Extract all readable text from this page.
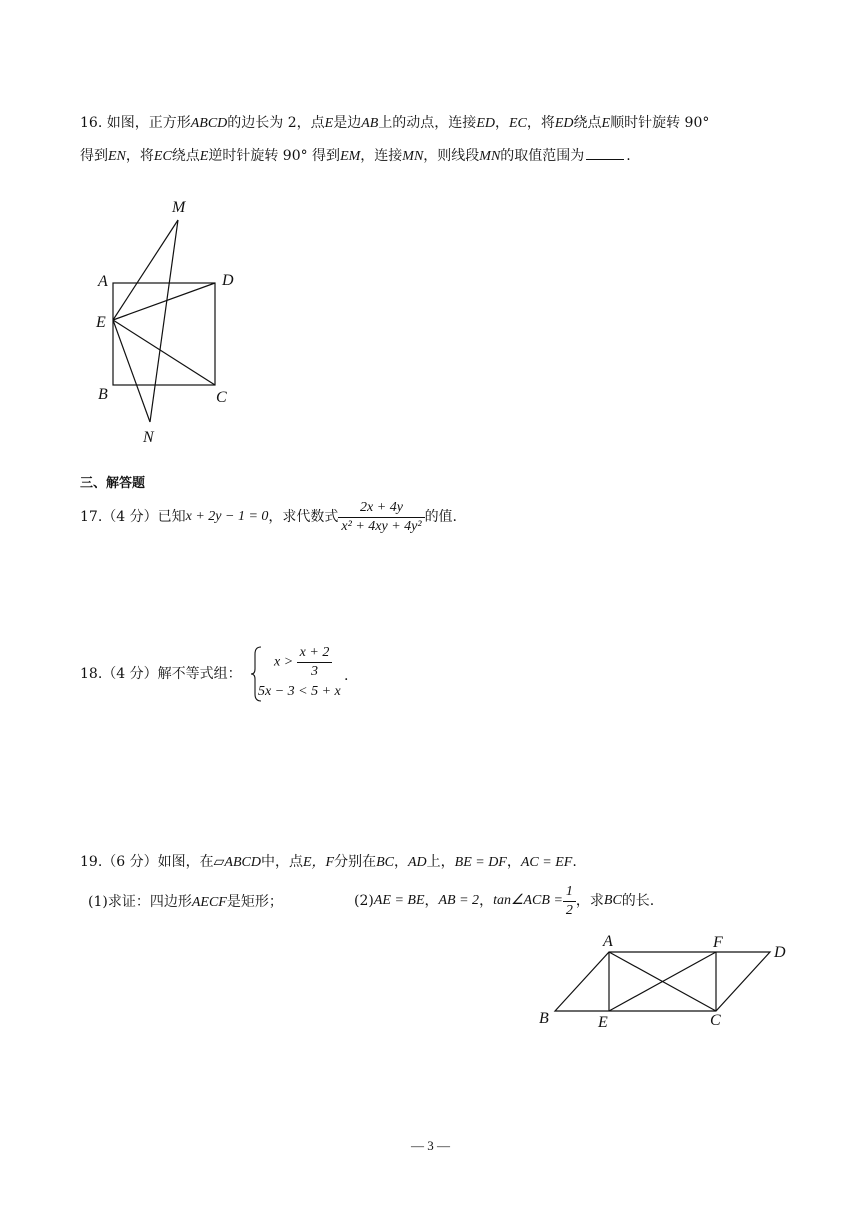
16. 如图，正方形ABCD的边长为 2，点E是边AB上的动点，连接ED，EC，将ED绕点E顺时针旋转 90°
得到EN，将EC绕点E逆时针旋转 90° 得到EM，连接MN，则线段MN的取值范围为	.
M
A	D
E
B	C
N
三、解答题
17.（4 分）已知x + 2y − 1 = 0，求代数式 $\frac{2x + 4y}{\text{x² + 4xy + 4y²}}$ 的值.
18.（4 分）解不等式组：
$x > \frac{x + 2}{3}$
5x − 3 < 5 + x
.
19.（6 分）如图，在▱ABCD中，点E，F分别在BC，AD上，BE = DF，AC = EF.
(1)求证：四边形AECF是矩形；	(2)AE = BE，AB = 2，tan∠ACB = $\frac{1}{2}$ ，求BC的长.
A	F
D
B	E	C
— 3 —
